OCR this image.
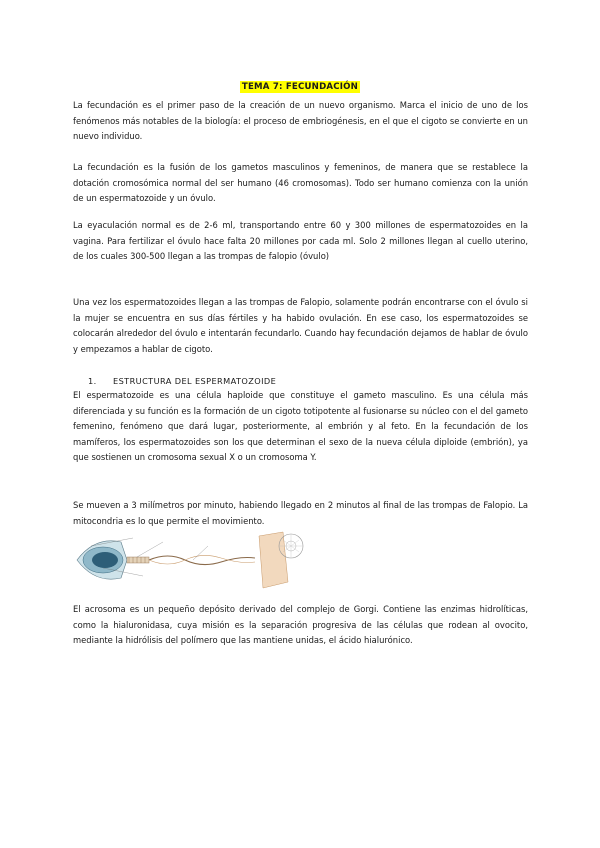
TEMA 7: FECUNDACIÓN

La fecundación es el primer paso de la creación de un nuevo organismo. Marca el inicio de uno de los fenómenos más notables de la biología: el proceso de embriogénesis, en el que el cigoto se convierte en un nuevo individuo.

La fecundación es la fusión de los gametos masculinos y femeninos, de manera que se restablece la dotación cromosómica normal del ser humano (46 cromosomas). Todo ser humano comienza con la unión de un espermatozoide y un óvulo.

La eyaculación normal es de 2-6 ml, transportando entre 60 y 300 millones de espermatozoides en la vagina. Para fertilizar el óvulo hace falta 20 millones por cada ml. Solo 2 millones llegan al cuello uterino, de los cuales 300-500 llegan a las trompas de falopio (óvulo)

Una vez los espermatozoides llegan a las trompas de Falopio, solamente podrán encontrarse con el óvulo si la mujer se encuentra en sus días fértiles y ha habido ovulación. En ese caso, los espermatozoides se colocarán alrededor del óvulo e intentarán fecundarlo. Cuando hay fecundación dejamos de hablar de óvulo y empezamos a hablar de cigoto.

1. ESTRUCTURA DEL ESPERMATOZOIDE

El espermatozoide es una célula haploide que constituye el gameto masculino. Es una célula más diferenciada y su función es la formación de un cigoto totipotente al fusionarse su núcleo con el del gameto femenino, fenómeno que dará lugar, posteriormente, al embrión y al feto. En la fecundación de los mamíferos, los espermatozoides son los que determinan el sexo de la nueva célula diploide (embrión), ya que sostienen un cromosoma sexual X o un cromosoma Y.

Se mueven a 3 milímetros por minuto, habiendo llegado en 2 minutos al final de las trompas de Falopio. La mitocondria es lo que permite el movimiento.

El acrosoma es un pequeño depósito derivado del complejo de Gorgi. Contiene las enzimas hidrolíticas, como la hialuronidasa, cuya misión es la separación progresiva de las células que rodean al ovocito, mediante la hidrólisis del polímero que las mantiene unidas, el ácido hialurónico.
